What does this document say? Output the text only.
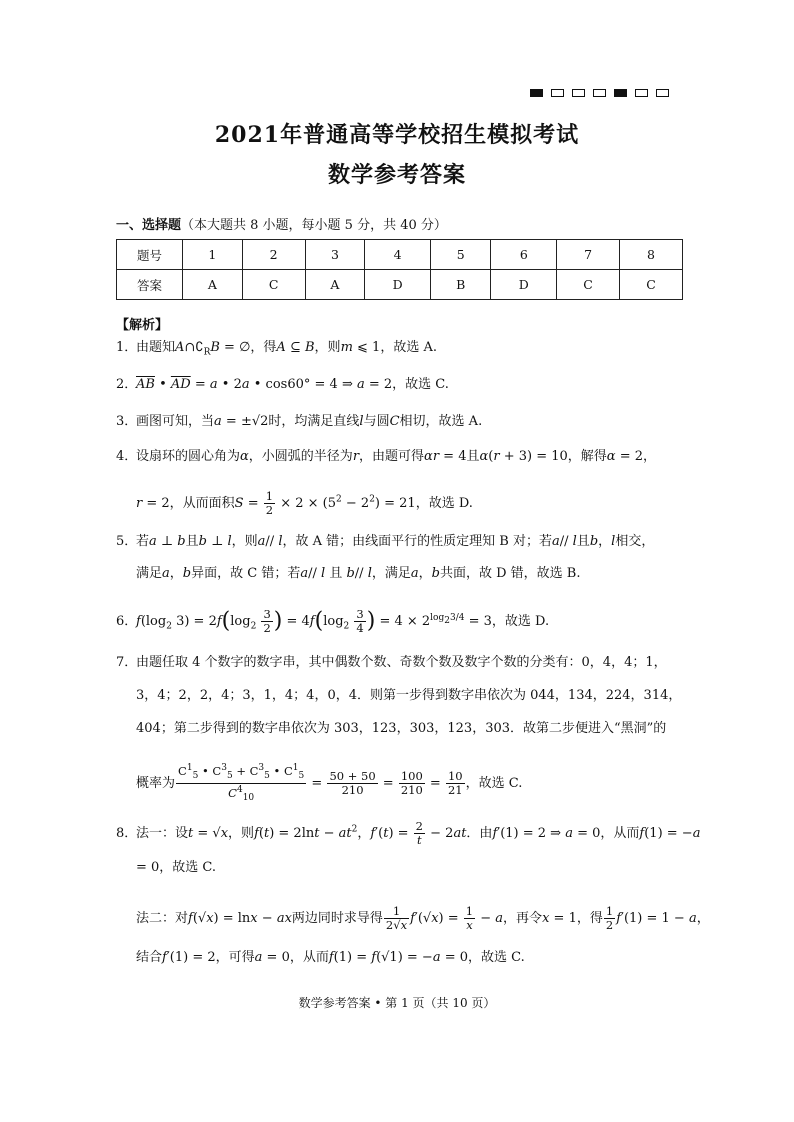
2021年普通高等学校招生模拟考试
数学参考答案
一、选择题（本大题共 8 小题，每小题 5 分，共 40 分）
题号	1	2	3	4	5	6	7	8
答案	A	C	A	D	B	D	C	C
【解析】
1．由题知$A\cap∁_RB$ = ∅，得A ⊆ B，则m ⩽ 1，故选 A.
2．$\overline{AB}$ • $\overline{AD} = a$ • 2a • cos60° = 4 ⇒ a = 2，故选 C.
3．画图可知，当a = ±√2时，均满足直线l与圆C相切，故选 A.
4．设扇环的圆心角为α，小圆弧的半径为r，由题可得αr = 4且α(r + 3) = 10，解得α = 2，
r = 2，从而面积$S = \frac{1}{2} \times 2 \times (5^2 - 2^2) = 21$，故选 D.
5．若a ⊥ b且b ⊥ l，则a// l，故 A 错；由线面平行的性质定理知 B 对；若a// l且b，l相交，
满足a，b异面，故 C 错；若a// l 且 b// l，满足a，b共面，故 D 错，故选 B.
6．$f(\log_2$ $3) = 2f(\log_2 \frac{3}{2}$ ) = $4f(\log_2 \frac{3}{4}$ ) = $4 \times 2^{log_23/4} = 3$，故选 D.
7．由题任取 4 个数字的数字串，其中偶数个数、奇数个数及数字个数的分类有：0，4，4；1，
3，4；2，2，4；3，1，4；4，0，4．则第一步得到数字串依次为 044，134，224，314，
404；第二步得到的数字串依次为 303，123，303，123，303．故第二步便进入“黑洞”的
概率为 $\frac{C^1_5 • C^3_5 + C^3_5 • C^1_5}{C^4_{10}} = \frac{50 + 50}{210} = \frac{100}{210} = \frac{10}{21}$ ，故选 C.
8．法一：设t = √x，则$f(t) = 2\ln t - at^2$，$f'(t) = \frac{2}{t} - 2at$．由f′(1) = 2 ⇒ a = 0，从而f(1) = −a
= 0，故选 C.
法二：对f(√x) = lnx − ax两边同时求导得 $\frac{1}{2√x} f'(√x) = \frac{1}{x} - a$，再令x = 1，得 $\frac{1}{2} f'(1) = 1 - a$，
结合f′(1) = 2，可得a = 0，从而f(1) = f(√1) = −a = 0，故选 C.
数学参考答案 • 第 1 页（共 10 页）
